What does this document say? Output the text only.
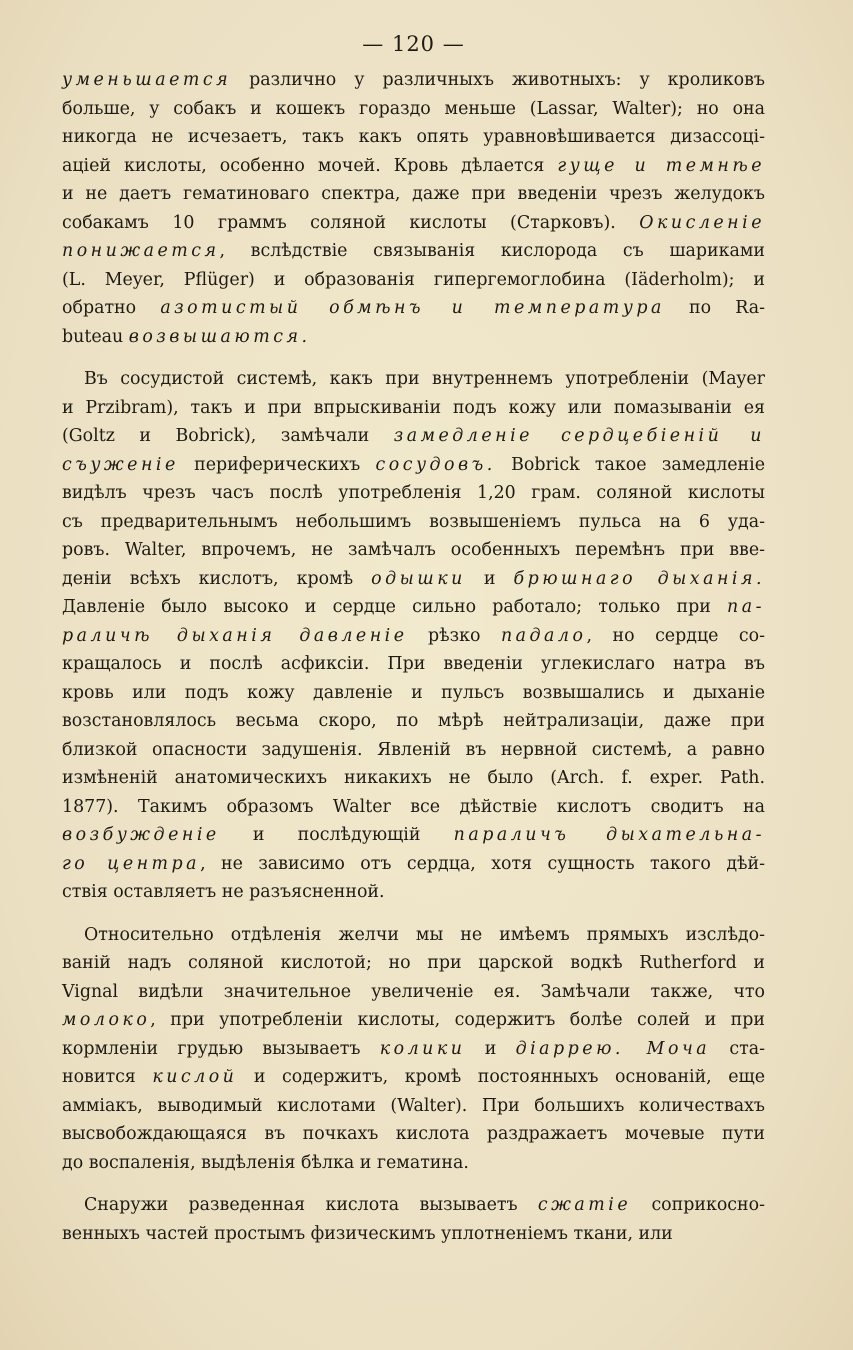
— 120 —
уменьшается различно у различныхъ животныхъ: у кроликовъ
больше, у собакъ и кошекъ гораздо меньше (Lassar, Walter); но она
никогда не исчезаетъ, такъ какъ опять уравновѣшивается дизассоці-
аціей кислоты, особенно мочей. Кровь дѣлается гуще и темнѣе
и не даетъ гематиноваго спектра, даже при введеніи чрезъ желудокъ
собакамъ 10 граммъ соляной кислоты (Старковъ). Окисленіе
понижается, вслѣдствіе связыванія кислорода съ шариками
(L. Meyer, Pflüger) и образованія гипергемоглобина (Iäderholm); и
обратно азотистый обмѣнъ и температура по Ra-
buteau возвышаются.
Въ сосудистой системѣ, какъ при внутреннемъ употребленіи (Mayer
и Przibram), такъ и при впрыскиваніи подъ кожу или помазываніи ея
(Goltz и Bobrick), замѣчали замедленіе сердцебіеній и
съуженіе периферическихъ сосудовъ. Bobrick такое замедленіе
видѣлъ чрезъ часъ послѣ употребленія 1,20 грам. соляной кислоты
съ предварительнымъ небольшимъ возвышеніемъ пульса на 6 уда-
ровъ. Walter, впрочемъ, не замѣчалъ особенныхъ перемѣнъ при вве-
деніи всѣхъ кислотъ, кромѣ одышки и брюшнаго дыханія.
Давленіе было высоко и сердце сильно работало; только при па-
раличѣ дыханія давленіе рѣзко падало, но сердце со-
кращалось и послѣ асфиксіи. При введеніи углекислаго натра въ
кровь или подъ кожу давленіе и пульсъ возвышались и дыханіе
возстановлялось весьма скоро, по мѣрѣ нейтрализаціи, даже при
близкой опасности задушенія. Явленій въ нервной системѣ, а равно
измѣненій анатомическихъ никакихъ не было (Arch. f. exper. Path.
1877). Такимъ образомъ Walter все дѣйствіе кислотъ сводитъ на
возбужденіе и послѣдующій параличъ дыхательна-
го центра, не зависимо отъ сердца, хотя сущность такого дѣй-
ствія оставляетъ не разъясненной.
Относительно отдѣленія желчи мы не имѣемъ прямыхъ изслѣдо-
ваній надъ соляной кислотой; но при царской водкѣ Rutherford и
Vignal видѣли значительное увеличеніе ея. Замѣчали также, что
молоко, при употребленіи кислоты, содержитъ болѣе солей и при
кормленіи грудью вызываетъ колики и діаррею. Моча ста-
новится кислой и содержитъ, кромѣ постоянныхъ основаній, еще
амміакъ, выводимый кислотами (Walter). При большихъ количествахъ
высвобождающаяся въ почкахъ кислота раздражаетъ мочевые пути
до воспаленія, выдѣленія бѣлка и гематина.
Снаружи разведенная кислота вызываетъ сжатіе соприкосно-
венныхъ частей простымъ физическимъ уплотненіемъ ткани, или
